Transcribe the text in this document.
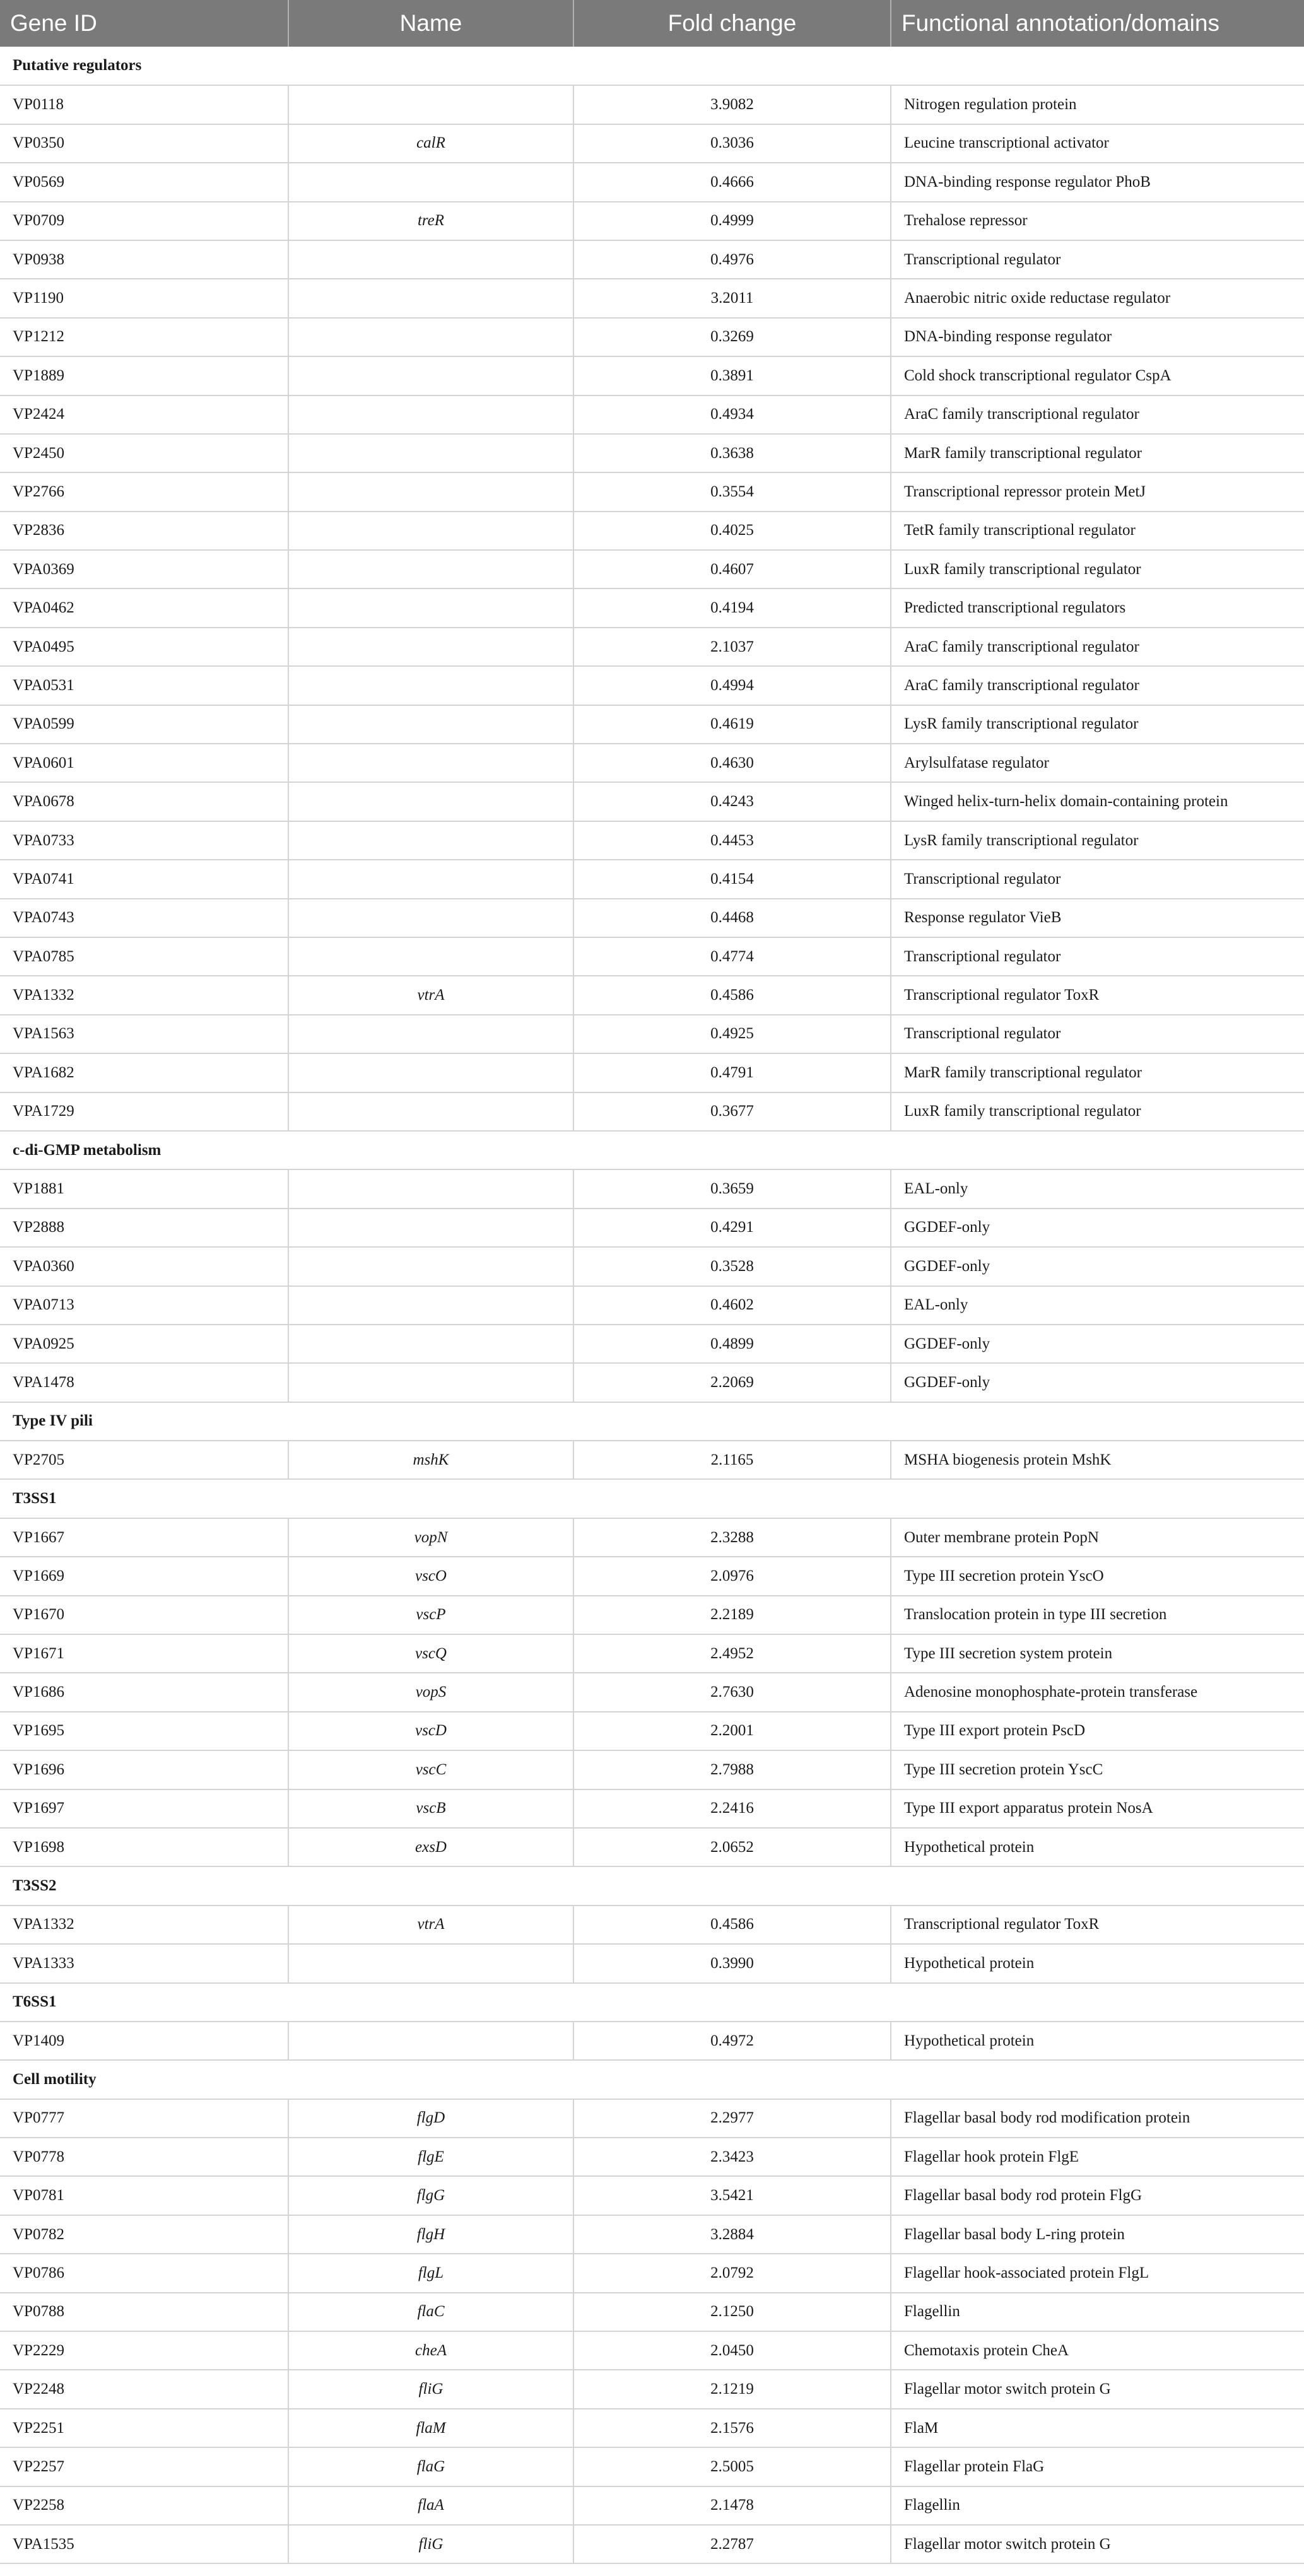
Gene ID	Name	Fold change	Functional annotation/domains
Putative regulators			
VP0118		3.9082	Nitrogen regulation protein
VP0350	calR	0.3036	Leucine transcriptional activator
VP0569		0.4666	DNA-binding response regulator PhoB
VP0709	treR	0.4999	Trehalose repressor
VP0938		0.4976	Transcriptional regulator
VP1190		3.2011	Anaerobic nitric oxide reductase regulator
VP1212		0.3269	DNA-binding response regulator
VP1889		0.3891	Cold shock transcriptional regulator CspA
VP2424		0.4934	AraC family transcriptional regulator
VP2450		0.3638	MarR family transcriptional regulator
VP2766		0.3554	Transcriptional repressor protein MetJ
VP2836		0.4025	TetR family transcriptional regulator
VPA0369		0.4607	LuxR family transcriptional regulator
VPA0462		0.4194	Predicted transcriptional regulators
VPA0495		2.1037	AraC family transcriptional regulator
VPA0531		0.4994	AraC family transcriptional regulator
VPA0599		0.4619	LysR family transcriptional regulator
VPA0601		0.4630	Arylsulfatase regulator
VPA0678		0.4243	Winged helix-turn-helix domain-containing protein
VPA0733		0.4453	LysR family transcriptional regulator
VPA0741		0.4154	Transcriptional regulator
VPA0743		0.4468	Response regulator VieB
VPA0785		0.4774	Transcriptional regulator
VPA1332	vtrA	0.4586	Transcriptional regulator ToxR
VPA1563		0.4925	Transcriptional regulator
VPA1682		0.4791	MarR family transcriptional regulator
VPA1729		0.3677	LuxR family transcriptional regulator
c-di-GMP metabolism			
VP1881		0.3659	EAL-only
VP2888		0.4291	GGDEF-only
VPA0360		0.3528	GGDEF-only
VPA0713		0.4602	EAL-only
VPA0925		0.4899	GGDEF-only
VPA1478		2.2069	GGDEF-only
Type IV pili			
VP2705	mshK	2.1165	MSHA biogenesis protein MshK
T3SS1			
VP1667	vopN	2.3288	Outer membrane protein PopN
VP1669	vscO	2.0976	Type III secretion protein YscO
VP1670	vscP	2.2189	Translocation protein in type III secretion
VP1671	vscQ	2.4952	Type III secretion system protein
VP1686	vopS	2.7630	Adenosine monophosphate-protein transferase
VP1695	vscD	2.2001	Type III export protein PscD
VP1696	vscC	2.7988	Type III secretion protein YscC
VP1697	vscB	2.2416	Type III export apparatus protein NosA
VP1698	exsD	2.0652	Hypothetical protein
T3SS2			
VPA1332	vtrA	0.4586	Transcriptional regulator ToxR
VPA1333		0.3990	Hypothetical protein
T6SS1			
VP1409		0.4972	Hypothetical protein
Cell motility			
VP0777	flgD	2.2977	Flagellar basal body rod modification protein
VP0778	flgE	2.3423	Flagellar hook protein FlgE
VP0781	flgG	3.5421	Flagellar basal body rod protein FlgG
VP0782	flgH	3.2884	Flagellar basal body L-ring protein
VP0786	flgL	2.0792	Flagellar hook-associated protein FlgL
VP0788	flaC	2.1250	Flagellin
VP2229	cheA	2.0450	Chemotaxis protein CheA
VP2248	fliG	2.1219	Flagellar motor switch protein G
VP2251	flaM	2.1576	FlaM
VP2257	flaG	2.5005	Flagellar protein FlaG
VP2258	flaA	2.1478	Flagellin
VPA1535	fliG	2.2787	Flagellar motor switch protein G
